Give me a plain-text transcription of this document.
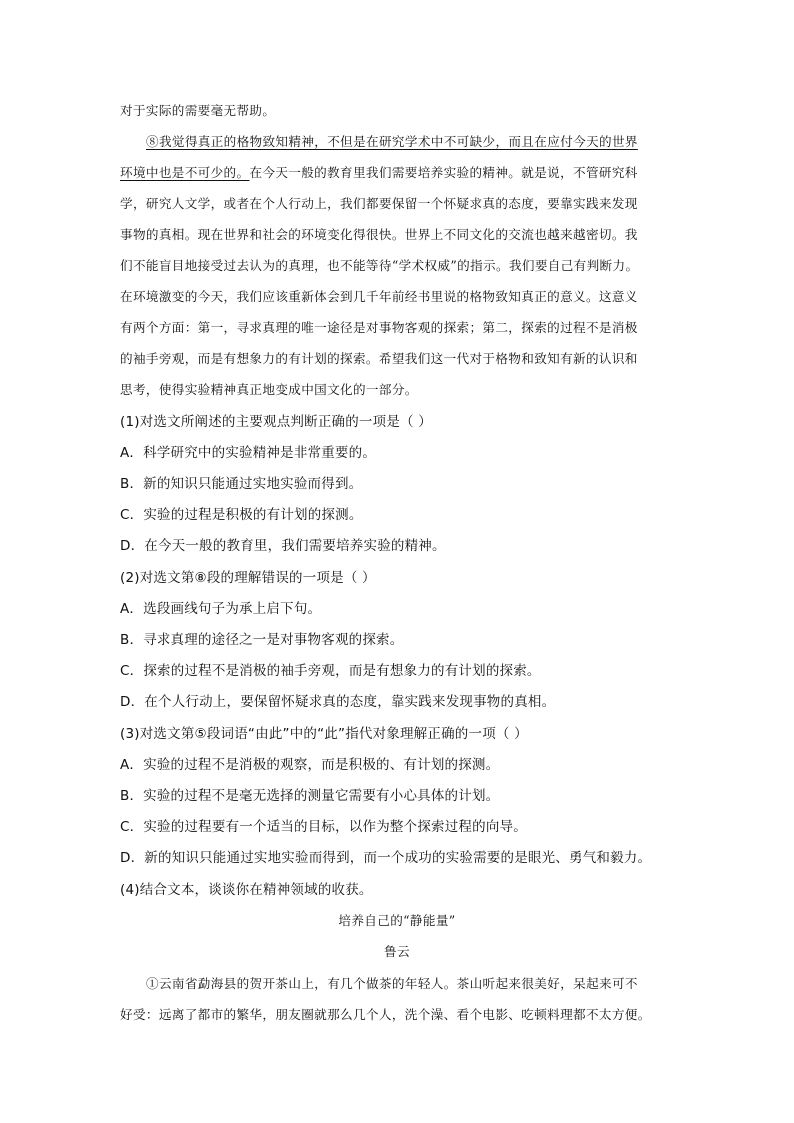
对于实际的需要毫无帮助。
⑧我觉得真正的格物致知精神，不但是在研究学术中不可缺少，而且在应付今天的世界
环境中也是不可少的。在今天一般的教育里我们需要培养实验的精神。就是说，不管研究科
学，研究人文学，或者在个人行动上，我们都要保留一个怀疑求真的态度，要靠实践来发现
事物的真相。现在世界和社会的环境变化得很快。世界上不同文化的交流也越来越密切。我
们不能盲目地接受过去认为的真理，也不能等待“学术权威”的指示。我们要自己有判断力。
在环境激变的今天，我们应该重新体会到几千年前经书里说的格物致知真正的意义。这意义
有两个方面：第一，寻求真理的唯一途径是对事物客观的探索；第二，探索的过程不是消极
的袖手旁观，而是有想象力的有计划的探索。希望我们这一代对于格物和致知有新的认识和
思考，使得实验精神真正地变成中国文化的一部分。
(1)对选文所阐述的主要观点判断正确的一项是（ ）
A．科学研究中的实验精神是非常重要的。
B．新的知识只能通过实地实验而得到。
C．实验的过程是积极的有计划的探测。
D．在今天一般的教育里，我们需要培养实验的精神。
(2)对选文第⑧段的理解错误的一项是（ ）
A．选段画线句子为承上启下句。
B．寻求真理的途径之一是对事物客观的探索。
C．探索的过程不是消极的袖手旁观，而是有想象力的有计划的探索。
D．在个人行动上，要保留怀疑求真的态度，靠实践来发现事物的真相。
(3)对选文第⑤段词语“由此”中的“此”指代对象理解正确的一项（ ）
A．实验的过程不是消极的观察，而是积极的、有计划的探测。
B．实验的过程不是毫无选择的测量它需要有小心具体的计划。
C．实验的过程要有一个适当的目标，以作为整个探索过程的向导。
D．新的知识只能通过实地实验而得到，而一个成功的实验需要的是眼光、勇气和毅力。
(4)结合文本，谈谈你在精神领域的收获。
培养自己的“静能量”
鲁云
①云南省勐海县的贺开茶山上，有几个做茶的年轻人。茶山听起来很美好，呆起来可不
好受：远离了都市的繁华，朋友圈就那么几个人，洗个澡、看个电影、吃顿料理都不太方便。
